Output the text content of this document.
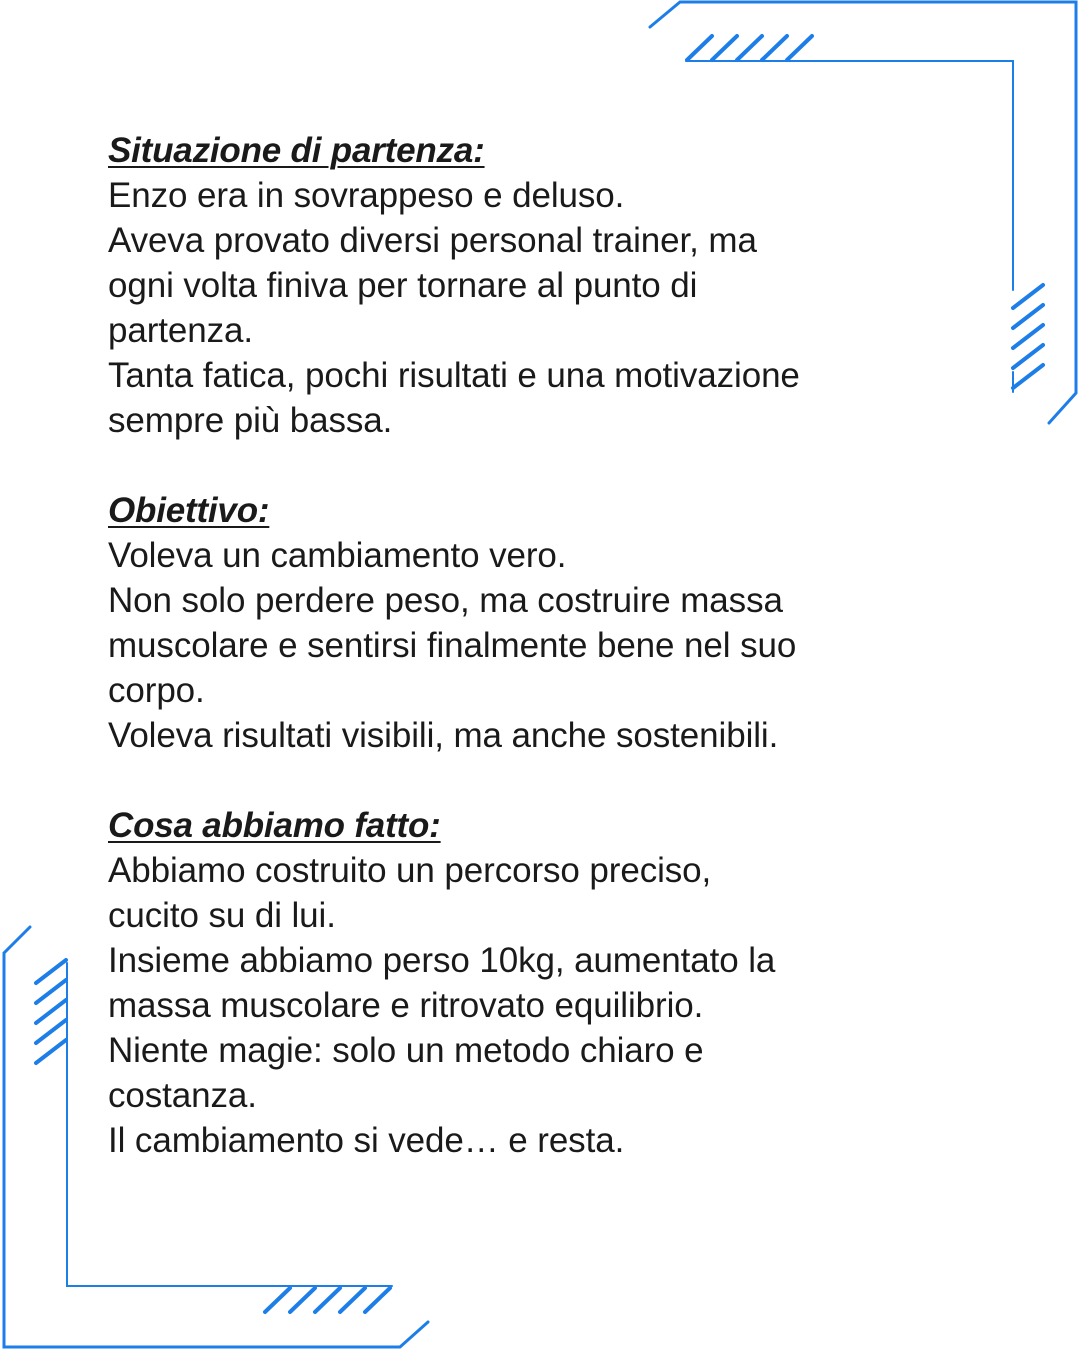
Situazione di partenza:
Enzo era in sovrappeso e deluso.
Aveva provato diversi personal trainer, ma
ogni volta finiva per tornare al punto di
partenza.
Tanta fatica, pochi risultati e una motivazione
sempre più bassa.
Obiettivo:
Voleva un cambiamento vero.
Non solo perdere peso, ma costruire massa
muscolare e sentirsi finalmente bene nel suo
corpo.
Voleva risultati visibili, ma anche sostenibili.
Cosa abbiamo fatto:
Abbiamo costruito un percorso preciso,
cucito su di lui.
Insieme abbiamo perso 10kg, aumentato la
massa muscolare e ritrovato equilibrio.
Niente magie: solo un metodo chiaro e
costanza.
Il cambiamento si vede… e resta.
